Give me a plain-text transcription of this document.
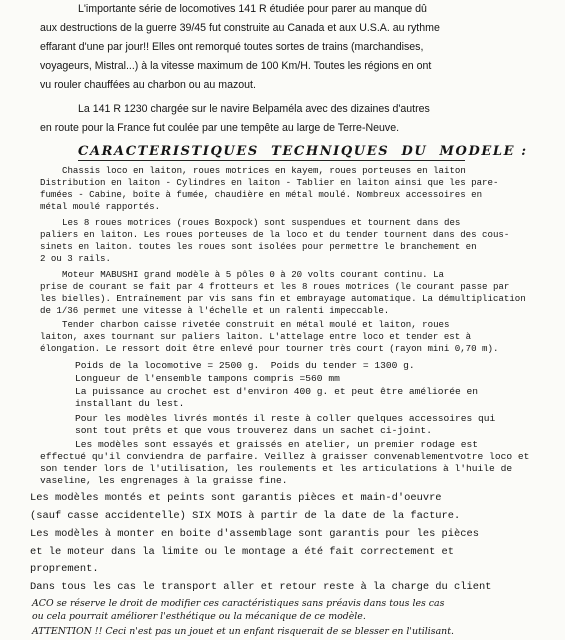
L'importante série de locomotives 141 R étudiée pour parer au manque dû
aux destructions de la guerre 39/45 fut construite au Canada et aux U.S.A. au rythme
effarant d'une par jour!! Elles ont remorqué toutes sortes de trains (marchandises,
voyageurs, Mistral...) à la vitesse maximum de 100 Km/H. Toutes les régions en ont
vu rouler chauffées au charbon ou au mazout.
La 141 R 1230 chargée sur le navire Belpaméla avec des dizaines d'autres
en route pour la France fut coulée par une tempête au large de Terre-Neuve.
CARACTERISTIQUES  TECHNIQUES  DU  MODELE :
Chassis loco en laiton, roues motrices en kayem, roues porteuses en laiton
Distribution en laiton - Cylindres en laiton - Tablier en laiton ainsi que les pare-
fumées - Cabine, boîte à fumée, chaudière en métal moulé. Nombreux accessoires en
métal moulé rapportés.
Les 8 roues motrices (roues Boxpock) sont suspendues et tournent dans des
paliers en laiton. Les roues porteuses de la loco et du tender tournent dans des cous-
sinets en laiton. toutes les roues sont isolées pour permettre le branchement en
2 ou 3 rails.
Moteur MABUSHI grand modèle à 5 pôles 0 à 20 volts courant continu. La
prise de courant se fait par 4 frotteurs et les 8 roues motrices (le courant passe par
les bielles). Entraînement par vis sans fin et embrayage automatique. La démultiplication
de 1/36 permet une vitesse à l'échelle et un ralenti impeccable.
Tender charbon caisse rivetée construit en métal moulé et laiton, roues
laiton, axes tournant sur paliers laiton. L'attelage entre loco et tender est à
élongation. Le ressort doit être enlevé pour tourner très court (rayon mini 0,70 m).
Poids de la locomotive = 2500 g.  Poids du tender = 1300 g.
Longueur de l'ensemble tampons compris =560 mm
La puissance au crochet est d'environ 400 g. et peut être améliorée en
installant du lest.
Pour les modèles livrés montés il reste à coller quelques accessoires qui
sont tout prêts et que vous trouverez dans un sachet ci-joint.
Les modèles sont essayés et graissés en atelier, un premier rodage est
effectué qu'il conviendra de parfaire. Veillez à graisser convenablementvotre loco et
son tender lors de l'utilisation, les roulements et les articulations à l'huile de
vaseline, les engrenages à la graisse fine.
Les modèles montés et peints sont garantis pièces et main-d'oeuvre
(sauf casse accidentelle) SIX MOIS à partir de la date de la facture.
Les modèles à monter en boite d'assemblage sont garantis pour les pièces
et le moteur dans la limite ou le montage a été fait correctement et
proprement.
Dans tous les cas le transport aller et retour reste à la charge du client
ACO se réserve le droit de modifier ces caractéristiques sans préavis dans tous les cas
ou cela pourrait améliorer l'esthétique ou la mécanique de ce modèle.
ATTENTION !! Ceci n'est pas un jouet et un enfant risquerait de se blesser en l'utilisant.
